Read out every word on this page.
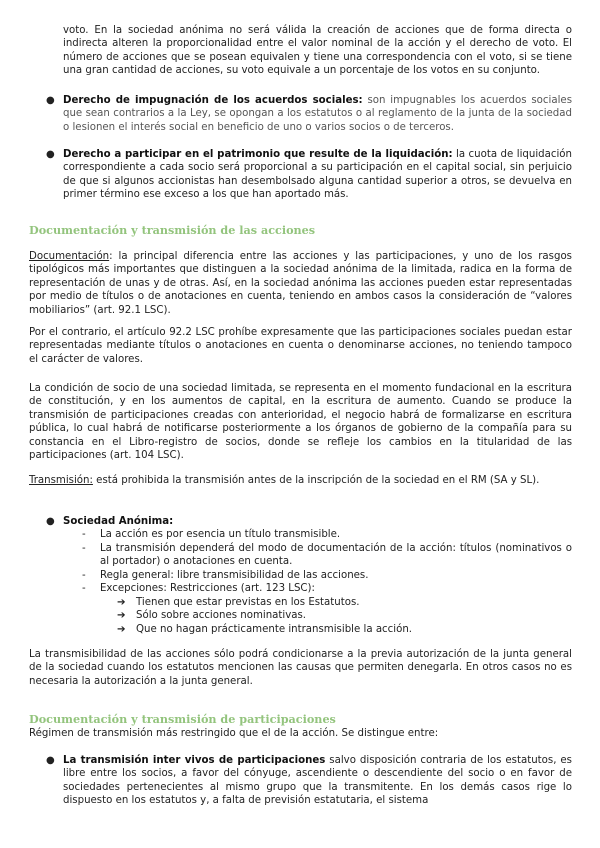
voto. En la sociedad anónima no será válida la creación de acciones que de forma directa o indirecta alteren la proporcionalidad entre el valor nominal de la acción y el derecho de voto. El número de acciones que se posean equivalen y tiene una correspondencia con el voto, si se tiene una gran cantidad de acciones, su voto equivale a un porcentaje de los votos en su conjunto.

● Derecho de impugnación de los acuerdos sociales: son impugnables los acuerdos sociales que sean contrarios a la Ley, se opongan a los estatutos o al reglamento de la junta de la sociedad o lesionen el interés social en beneficio de uno o varios socios o de terceros.

● Derecho a participar en el patrimonio que resulte de la liquidación: la cuota de liquidación correspondiente a cada socio será proporcional a su participación en el capital social, sin perjuicio de que si algunos accionistas han desembolsado alguna cantidad superior a otros, se devuelva en primer término ese exceso a los que han aportado más.

Documentación y transmisión de las acciones

Documentación: la principal diferencia entre las acciones y las participaciones, y uno de los rasgos tipológicos más importantes que distinguen a la sociedad anónima de la limitada, radica en la forma de representación de unas y de otras. Así, en la sociedad anónima las acciones pueden estar representadas por medio de títulos o de anotaciones en cuenta, teniendo en ambos casos la consideración de “valores mobiliarios” (art. 92.1 LSC).

Por el contrario, el artículo 92.2 LSC prohíbe expresamente que las participaciones sociales puedan estar representadas mediante títulos o anotaciones en cuenta o denominarse acciones, no teniendo tampoco el carácter de valores.

La condición de socio de una sociedad limitada, se representa en el momento fundacional en la escritura de constitución, y en los aumentos de capital, en la escritura de aumento. Cuando se produce la transmisión de participaciones creadas con anterioridad, el negocio habrá de formalizarse en escritura pública, lo cual habrá de notificarse posteriormente a los órganos de gobierno de la compañía para su constancia en el Libro-registro de socios, donde se refleje los cambios en la titularidad de las participaciones (art. 104 LSC).

Transmisión: está prohibida la transmisión antes de la inscripción de la sociedad en el RM (SA y SL).

● Sociedad Anónima:

- La acción es por esencia un título transmisible.

- La transmisión dependerá del modo de documentación de la acción: títulos (nominativos o al portador) o anotaciones en cuenta.

- Regla general: libre transmisibilidad de las acciones.

- Excepciones: Restricciones (art. 123 LSC):

➔ Tienen que estar previstas en los Estatutos.

➔ Sólo sobre acciones nominativas.

➔ Que no hagan prácticamente intransmisible la acción.

La transmisibilidad de las acciones sólo podrá condicionarse a la previa autorización de la junta general de la sociedad cuando los estatutos mencionen las causas que permiten denegarla. En otros casos no es necesaria la autorización a la junta general.

Documentación y transmisión de participaciones

Régimen de transmisión más restringido que el de la acción. Se distingue entre:

● La transmisión inter vivos de participaciones salvo disposición contraria de los estatutos, es libre entre los socios, a favor del cónyuge, ascendiente o descendiente del socio o en favor de sociedades pertenecientes al mismo grupo que la transmitente. En los demás casos rige lo dispuesto en los estatutos y, a falta de previsión estatutaria, el sistema
